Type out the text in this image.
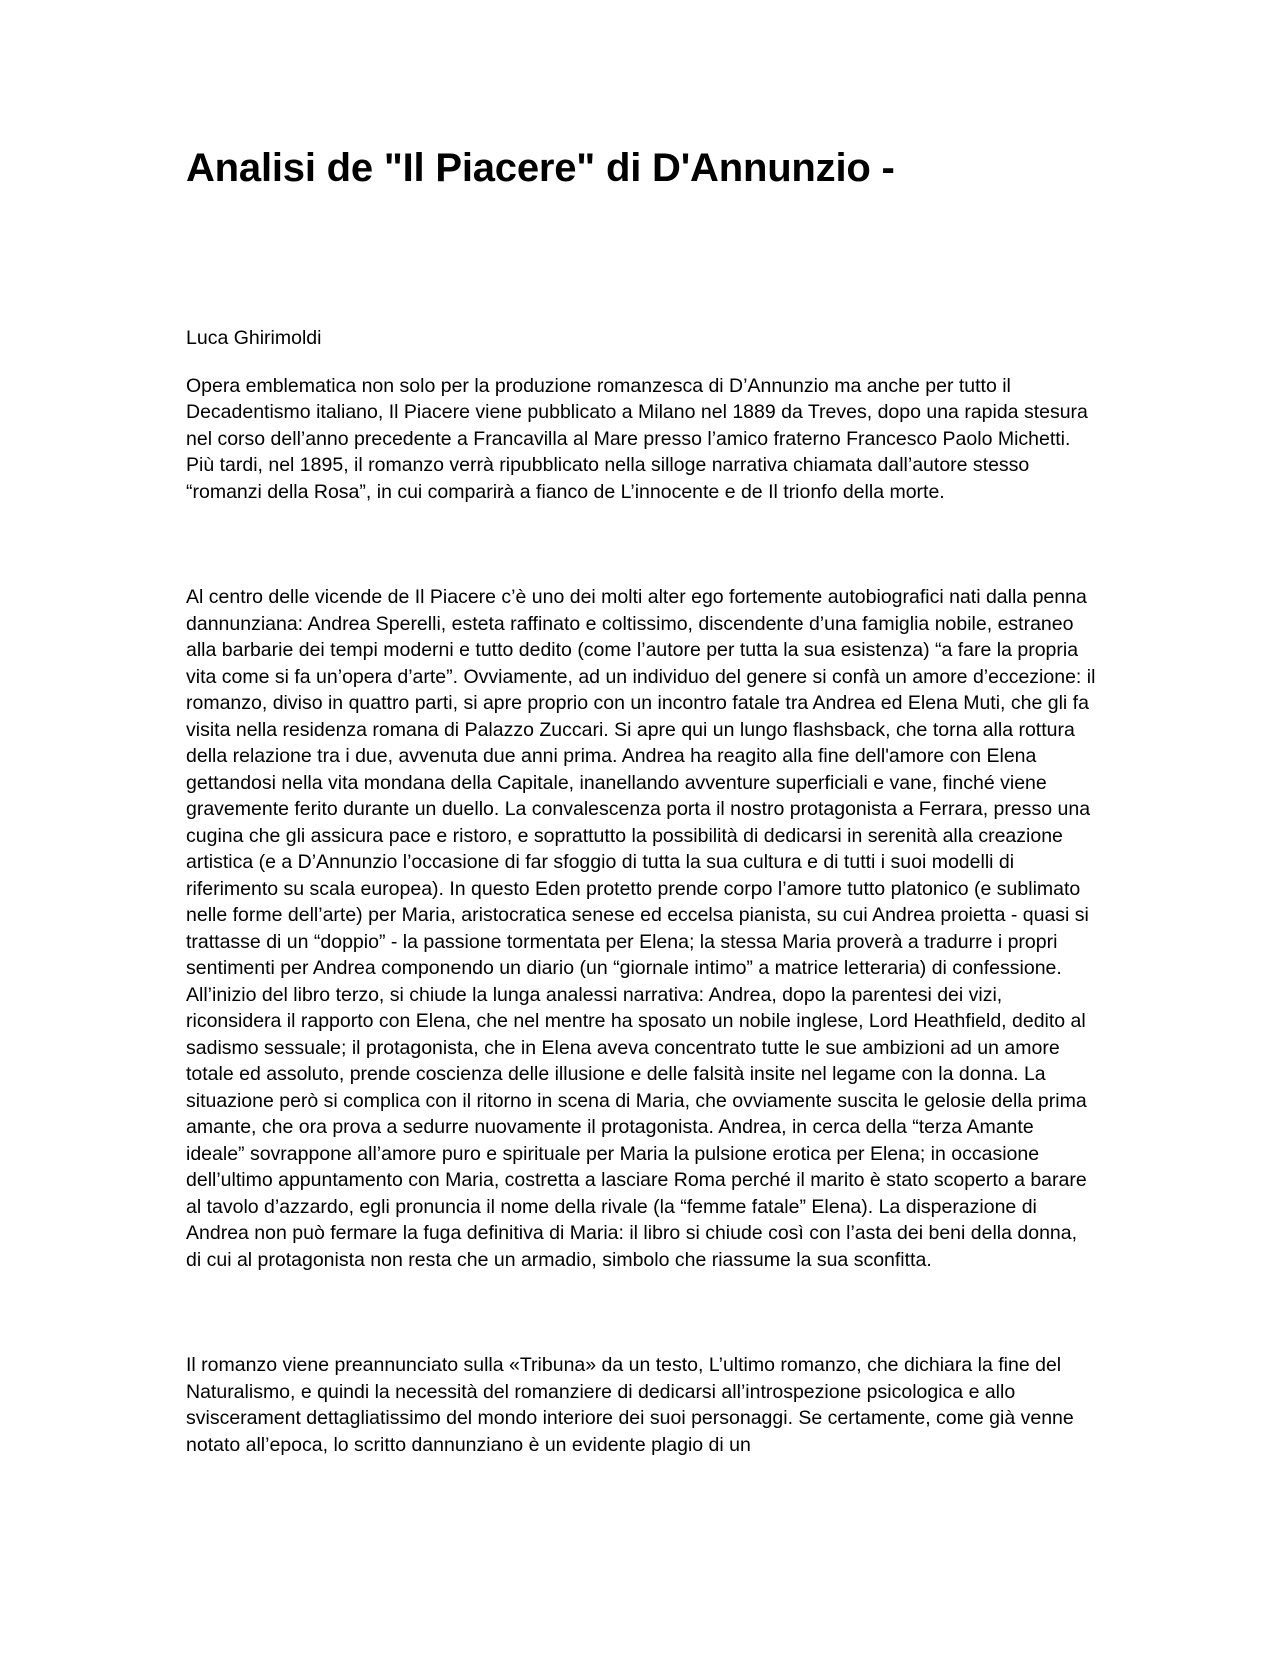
Analisi de "Il Piacere" di D'Annunzio -

Luca Ghirimoldi

Opera emblematica non solo per la produzione romanzesca di D’Annunzio ma anche per tutto il Decadentismo italiano, Il Piacere viene pubblicato a Milano nel 1889 da Treves, dopo una rapida stesura nel corso dell’anno precedente a Francavilla al Mare presso l’amico fraterno Francesco Paolo Michetti. Più tardi, nel 1895, il romanzo verrà ripubblicato nella silloge narrativa chiamata dall’autore stesso “romanzi della Rosa”, in cui comparirà a fianco de L’innocente e de Il trionfo della morte.

Al centro delle vicende de Il Piacere c’è uno dei molti alter ego fortemente autobiografici nati dalla penna dannunziana: Andrea Sperelli, esteta raffinato e coltissimo, discendente d’una famiglia nobile, estraneo alla barbarie dei tempi moderni e tutto dedito (come l’autore per tutta la sua esistenza) “a fare la propria vita come si fa un’opera d’arte”. Ovviamente, ad un individuo del genere si confà un amore d’eccezione: il romanzo, diviso in quattro parti, si apre proprio con un incontro fatale tra Andrea ed Elena Muti, che gli fa visita nella residenza romana di Palazzo Zuccari. Si apre qui un lungo flashsback, che torna alla rottura della relazione tra i due, avvenuta due anni prima. Andrea ha reagito alla fine dell'amore con Elena gettandosi nella vita mondana della Capitale, inanellando avventure superficiali e vane, finché viene gravemente ferito durante un duello. La convalescenza porta il nostro protagonista a Ferrara, presso una cugina che gli assicura pace e ristoro, e soprattutto la possibilità di dedicarsi in serenità alla creazione artistica (e a D’Annunzio l’occasione di far sfoggio di tutta la sua cultura e di tutti i suoi modelli di riferimento su scala europea). In questo Eden protetto prende corpo l’amore tutto platonico (e sublimato nelle forme dell’arte) per Maria, aristocratica senese ed eccelsa pianista, su cui Andrea proietta - quasi si trattasse di un “doppio” - la passione tormentata per Elena; la stessa Maria proverà a tradurre i propri sentimenti per Andrea componendo un diario (un “giornale intimo” a matrice letteraria) di confessione. All’inizio del libro terzo, si chiude la lunga analessi narrativa: Andrea, dopo la parentesi dei vizi, riconsidera il rapporto con Elena, che nel mentre ha sposato un nobile inglese, Lord Heathfield, dedito al sadismo sessuale; il protagonista, che in Elena aveva concentrato tutte le sue ambizioni ad un amore totale ed assoluto, prende coscienza delle illusione e delle falsità insite nel legame con la donna. La situazione però si complica con il ritorno in scena di Maria, che ovviamente suscita le gelosie della prima amante, che ora prova a sedurre nuovamente il protagonista. Andrea, in cerca della “terza Amante ideale” sovrappone all’amore puro e spirituale per Maria la pulsione erotica per Elena; in occasione dell’ultimo appuntamento con Maria, costretta a lasciare Roma perché il marito è stato scoperto a barare al tavolo d’azzardo, egli pronuncia il nome della rivale (la “femme fatale” Elena). La disperazione di Andrea non può fermare la fuga definitiva di Maria: il libro si chiude così con l’asta dei beni della donna, di cui al protagonista non resta che un armadio, simbolo che riassume la sua sconfitta.

Il romanzo viene preannunciato sulla «Tribuna» da un testo, L’ultimo romanzo, che dichiara la fine del Naturalismo, e quindi la necessità del romanziere di dedicarsi all’introspezione psicologica e allo sviscerament dettagliatissimo del mondo interiore dei suoi personaggi. Se certamente, come già venne notato all’epoca, lo scritto dannunziano è un evidente plagio di un
